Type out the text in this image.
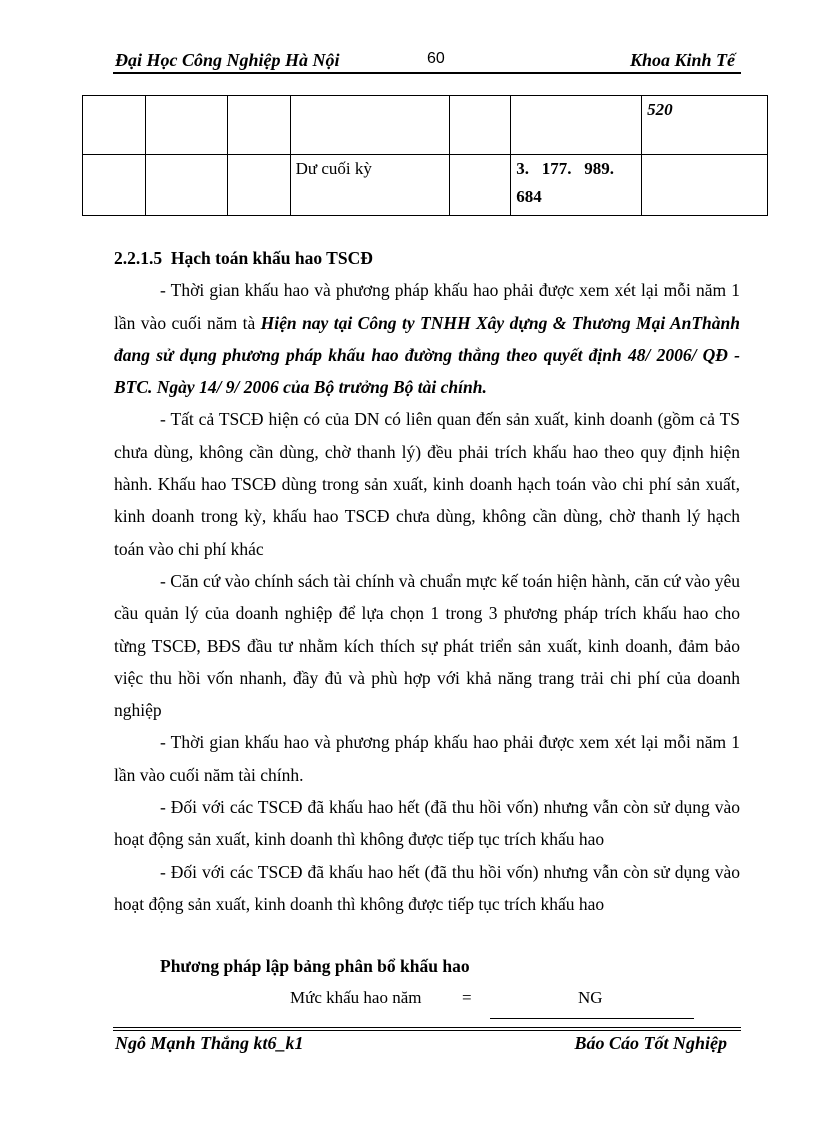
Đại Học Công Nghiệp Hà Nội	60	Khoa Kinh Tế
						520
			Dư cuối kỳ		3.   177.   989.
684	

2.2.1.5  Hạch toán khấu hao TSCĐ

- Thời gian khấu hao và phương pháp khấu hao phải được xem xét lại mỗi năm 1 lần vào cuối năm tà Hiện nay tại Công ty TNHH Xây dựng & Thương Mại AnThành đang sử dụng phương pháp khấu hao đường thẳng theo quyết định 48/ 2006/ QĐ - BTC. Ngày 14/ 9/ 2006 của Bộ trưởng Bộ tài chính.

- Tất cả TSCĐ hiện có của DN có liên quan đến sản xuất, kinh doanh (gồm cả TS chưa dùng, không cần dùng, chờ thanh lý) đều phải trích khấu hao theo quy định hiện hành. Khấu hao TSCĐ dùng trong sản xuất, kinh doanh hạch toán vào chi phí sản xuất, kinh doanh trong kỳ, khấu hao TSCĐ chưa dùng, không cần dùng, chờ thanh lý hạch toán vào chi phí khác

- Căn cứ vào chính sách tài chính và chuẩn mực kế toán hiện hành, căn cứ vào yêu cầu quản lý của doanh nghiệp để lựa chọn 1 trong 3 phương pháp trích khấu hao cho từng TSCĐ, BĐS đầu tư nhằm kích thích sự phát triển sản xuất, kinh doanh, đảm bảo việc thu hồi vốn nhanh, đầy đủ và phù hợp với khả năng trang trải chi phí của doanh nghiệp

- Thời gian khấu hao và phương pháp khấu hao phải được xem xét lại mỗi năm 1 lần vào cuối năm tài chính.

- Đối với các TSCĐ đã khấu hao hết (đã thu hồi vốn) nhưng vẫn còn sử dụng vào hoạt động sản xuất, kinh doanh thì không được tiếp tục trích khấu hao

- Đối với các TSCĐ đã khấu hao hết (đã thu hồi vốn) nhưng vẫn còn sử dụng vào hoạt động sản xuất, kinh doanh thì không được tiếp tục trích khấu hao

Phương pháp lập bảng phân bổ khấu hao
Mức khấu hao năm =	NG
Ngô Mạnh Thắng kt6_k1	Báo Cáo Tốt Nghiệp
